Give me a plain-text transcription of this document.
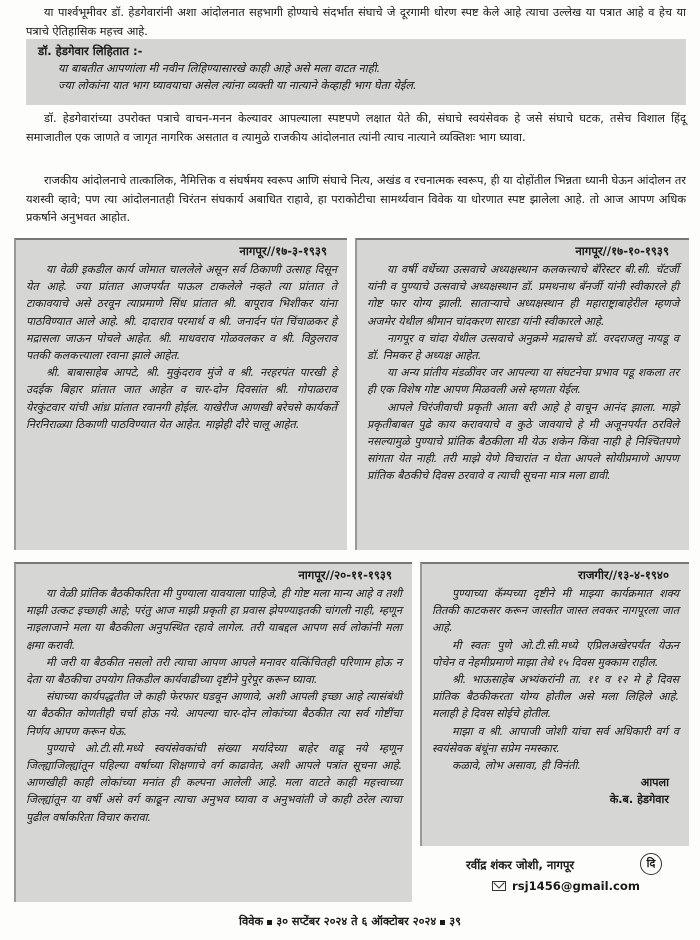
या पार्श्वभूमीवर डॉ. हेडगेवारांनी अशा आंदोलनात सहभागी होण्याचे संदर्भात संघाचे जे दूरगामी धोरण स्पष्ट केले आहे त्याचा उल्लेख या पत्रात आहे व हेच या पत्राचे ऐतिहासिक महत्त्व आहे.

डॉ. हेडगेवार लिहितात :-
या बाबतीत आपणांला मी नवीन लिहिण्यासारखे काही आहे असे मला वाटत नाही.
ज्या लोकांना यात भाग घ्यावयाचा असेल त्यांना व्यक्ती या नात्याने केव्हाही भाग घेता येईल.

डॉ. हेडगेवारांच्या उपरोक्त पत्राचे वाचन-मनन केल्यावर आपल्याला स्पष्टपणे लक्षात येते की, संघाचे स्वयंसेवक हे जसे संघाचे घटक, तसेच विशाल हिंदू समाजातील एक जाणते व जागृत नागरिक असतात व त्यामुळे राजकीय आंदोलनात त्यांनी त्याच नात्याने व्यक्तिशः भाग घ्यावा.

राजकीय आंदोलनाचे तात्कालिक, नैमित्तिक व संघर्षमय स्वरूप आणि संघाचे नित्य, अखंड व रचनात्मक स्वरूप, ही या दोहोंतील भिन्नता ध्यानी घेऊन आंदोलन तर यशस्वी व्हावे; पण त्या आंदोलनातही चिरंतन संघकार्य अबाधित राहावे, हा पराकोटीचा सामर्थ्यवान विवेक या धोरणात स्पष्ट झालेला आहे. तो आज आपण अधिक प्रकर्षाने अनुभवत आहोत.

नागपूर//१७-३-१९३९

या वेळी इकडील कार्य जोमात चाललेले असून सर्व ठिकाणी उत्साह दिसून येत आहे. ज्या प्रांतात आजपर्यंत पाऊल टाकलेले नव्हते त्या प्रांतात ते टाकावयाचे असे ठरवून त्याप्रमाणे सिंध प्रांतात श्री. बापूराव भिशीकर यांना पाठविण्यात आले आहे. श्री. दादाराव परमार्थ व श्री. जनार्दन पंत चिंचाळकर हे मद्रासला जाऊन पोचले आहेत. श्री. माधवराव गोळवलकर व श्री. विठ्ठलराव पतकी कलकत्त्याला रवाना झाले आहेत.

श्री. बाबासाहेब आपटे, श्री. मुकुंदराव मुंजे व श्री. नरहरपंत पारखी हे उदईक बिहार प्रांतात जात आहेत व चार-दोन दिवसांत श्री. गोपाळराव येरकुंटवार यांची आंध्र प्रांतात रवानगी होईल. याखेरीज आणखी बरेचसे कार्यकर्ते निरनिराळ्या ठिकाणी पाठविण्यात येत आहेत. माझेही दौरे चालू आहेत.

नागपूर//१७-१०-१९३९

या वर्षी वर्धेच्या उत्सवाचे अध्यक्षस्थान कलकत्त्याचे बॅरिस्टर बी.सी. चॅटर्जी यांनी व पुण्याचे उत्सवाचे अध्यक्षस्थान डॉ. प्रमथनाथ बॅनर्जी यांनी स्वीकारले ही गोष्ट फार योग्य झाली. साताऱ्याचे अध्यक्षस्थान ही महाराष्ट्राबाहेरील म्हणजे अजमेर येथील श्रीमान चांदकरण सारडा यांनी स्वीकारले आहे.

नागपूर व चांदा येथील उत्सवाचे अनुक्रमे मद्रासचे डॉ. वरदराजलु नायडू व डॉ. निमकर हे अध्यक्ष आहेत.

या अन्य प्रांतीय मंडळींवर जर आपल्या या संघटनेचा प्रभाव पडू शकला तर ही एक विशेष गोष्ट आपण मिळवली असे म्हणता येईल.

आपले चिरंजीवाची प्रकृती आता बरी आहे हे वाचून आनंद झाला. माझे प्रकृतीबाबत पुढे काय करावयाचे व कुठे जावयाचे हे मी अजूनपर्यंत ठरविले नसल्यामुळे पुण्याचे प्रांतिक बैठकीला मी येऊ शकेन किंवा नाही हे निश्चितपणे सांगता येत नाही. तरी माझे येणे विचारांत न घेता आपले सोयीप्रमाणे आपण प्रांतिक बैठकीचे दिवस ठरवावे व त्याची सूचना मात्र मला द्यावी.

नागपूर//२०-११-१९३९

या वेळी प्रांतिक बैठकीकरिता मी पुण्याला यावयाला पाहिजे, ही गोष्ट मला मान्य आहे व तशी माझी उत्कट इच्छाही आहे; परंतु आज माझी प्रकृती हा प्रवास झेपण्याइतकी चांगली नाही, म्हणून नाइलाजाने मला या बैठकीला अनुपस्थित रहावे लागेल. तरी याबद्दल आपण सर्व लोकांनी मला क्षमा करावी.

मी जरी या बैठकीत नसलो तरी त्याचा आपण आपले मनावर यत्किंचितही परिणाम होऊ न देता या बैठकीचा उपयोग तिकडील कार्यवाढीच्या दृष्टीने पुरेपूर करून घ्यावा.

संघाच्या कार्यपद्धतीत जे काही फेरफार घडवून आणावे, अशी आपली इच्छा आहे त्यासंबंधी या बैठकीत कोणतीही चर्चा होऊ नये. आपल्या चार-दोन लोकांच्या बैठकीत त्या सर्व गोष्टींचा निर्णय आपण करून घेऊ.

पुण्याचे ओ.टी.सी.मध्ये स्वयंसेवकांची संख्या मर्यादेच्या बाहेर वाढू नये म्हणून जिल्ह्याजिल्ह्यांतून पहिल्या वर्षाच्या शिक्षणाचे वर्ग काढावेत, अशी आपले पत्रांत सूचना आहे. आणखीही काही लोकांच्या मनांत ही कल्पना आलेली आहे. मला वाटते काही महत्त्वाच्या जिल्ह्यांतून या वर्षी असे वर्ग काढून त्याचा अनुभव घ्यावा व अनुभवांती जे काही ठरेल त्याचा पुढील वर्षाकरिता विचार करावा.

राजगीर//१३-४-१९४०

पुण्याच्या कॅम्पच्या दृष्टीने मी माझ्या कार्यक्रमात शक्य तितकी काटकसर करून जास्तीत जास्त लवकर नागपूरला जात आहे.

मी स्वतः पुणे ओ.टी.सी.मध्ये एप्रिलअखेरपर्यंत येऊन पोचेन व नेहमीप्रमाणे माझा तेथे १५ दिवस मुक्काम राहील.

श्री. भाऊसाहेब अभ्यंकरांनी ता. ११ व १२ मे हे दिवस प्रांतिक बैठकीकरता योग्य होतील असे मला लिहिले आहे. मलाही हे दिवस सोईचे होतील.

माझा व श्री. आपाजी जोशी यांचा सर्व अधिकारी वर्ग व स्वयंसेवक बंधूंना सप्रेम नमस्कार.

कळावे, लोभ असावा, ही विनंती.

आपला
के.ब. हेडगेवार
रवींद्र शंकर जोशी, नागपूर	दि
rsj1456@gmail.com
विवेक ३० सप्टेंबर २०२४ ते ६ ऑक्टोबर २०२४ ३९
